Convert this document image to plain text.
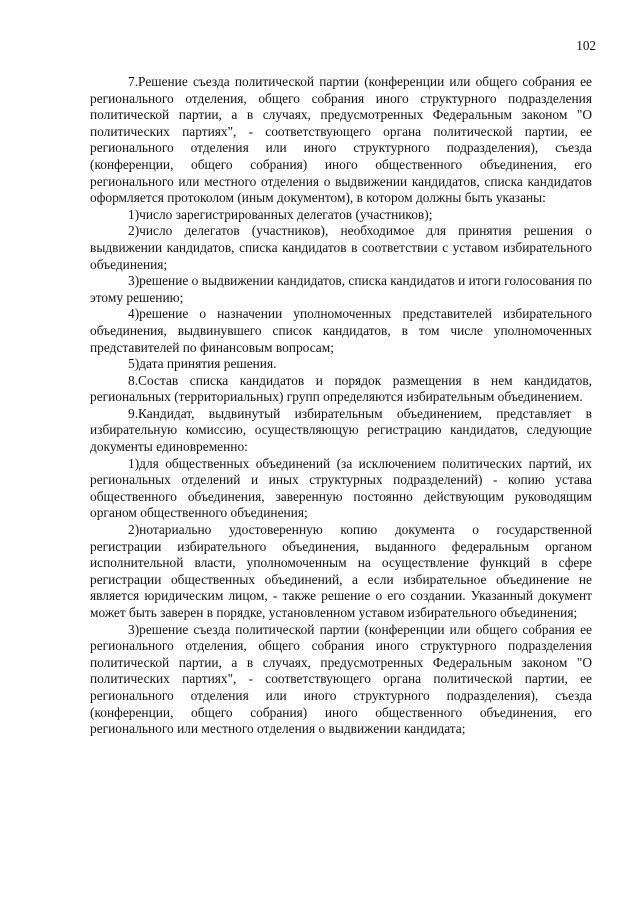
102

7.Решение съезда политической партии (конференции или общего собрания ее регионального отделения, общего собрания иного структурного подразделения политической партии, а в случаях, предусмотренных Федеральным законом "О политических партиях", - соответствующего органа политической партии, ее регионального отделения или иного структурного подразделения), съезда (конференции, общего собрания) иного общественного объединения, его регионального или местного отделения о выдвижении кандидатов, списка кандидатов оформляется протоколом (иным документом), в котором должны быть указаны:

1)число зарегистрированных делегатов (участников);

2)число делегатов (участников), необходимое для принятия решения о выдвижении кандидатов, списка кандидатов в соответствии с уставом избирательного объединения;

3)решение о выдвижении кандидатов, списка кандидатов и итоги голосования по этому решению;

4)решение о назначении уполномоченных представителей избирательного объединения, выдвинувшего список кандидатов, в том числе уполномоченных представителей по финансовым вопросам;

5)дата принятия решения.

8.Состав списка кандидатов и порядок размещения в нем кандидатов, региональных (территориальных) групп определяются избирательным объединением.

9.Кандидат, выдвинутый избирательным объединением, представляет в избирательную комиссию, осуществляющую регистрацию кандидатов, следующие документы единовременно:

1)для общественных объединений (за исключением политических партий, их региональных отделений и иных структурных подразделений) - копию устава общественного объединения, заверенную постоянно действующим руководящим органом общественного объединения;

2)нотариально удостоверенную копию документа о государственной регистрации избирательного объединения, выданного федеральным органом исполнительной власти, уполномоченным на осуществление функций в сфере регистрации общественных объединений, а если избирательное объединение не является юридическим лицом, - также решение о его создании. Указанный документ может быть заверен в порядке, установленном уставом избирательного объединения;

3)решение съезда политической партии (конференции или общего собрания ее регионального отделения, общего собрания иного структурного подразделения политической партии, а в случаях, предусмотренных Федеральным законом "О политических партиях", - соответствующего органа политической партии, ее регионального отделения или иного структурного подразделения), съезда (конференции, общего собрания) иного общественного объединения, его регионального или местного отделения о выдвижении кандидата;
